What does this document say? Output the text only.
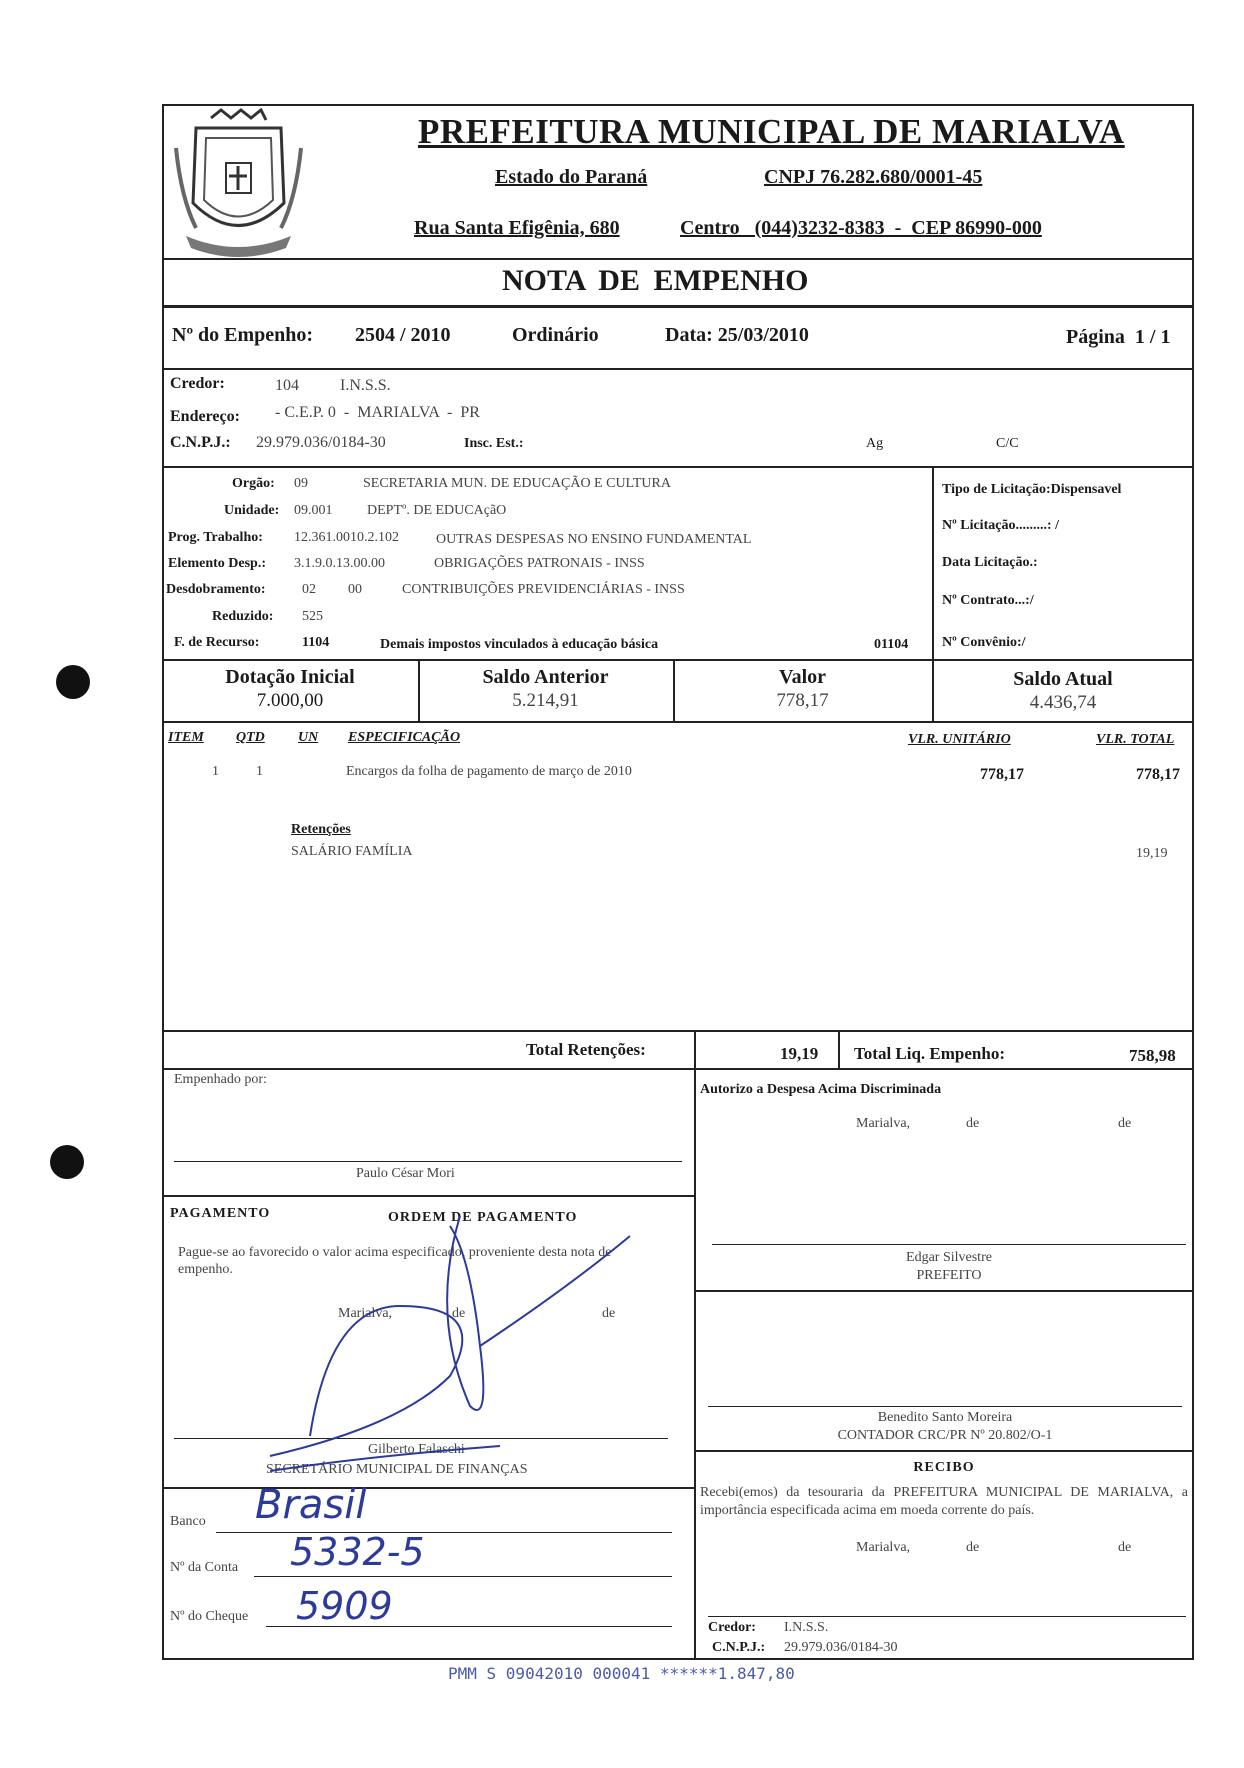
PREFEITURA MUNICIPAL DE MARIALVA
Estado do Paraná	CNPJ 76.282.680/0001-45
Rua Santa Efigênia, 680	Centro   (044)3232-8383  -  CEP 86990-000
NOTA DE EMPENHO
Nº do Empenho: 2504 / 2010	Ordinário	Data: 25/03/2010	Página  1 / 1
Credor:	104	I.N.S.S.
Endereço: - C.E.P. 0  -  MARIALVA  -  PR
C.N.P.J.: 29.979.036/0184-30	Insc. Est.:	Ag	C/C
Orgão: 09	SECRETARIA MUN. DE EDUCAÇÃO E CULTURA
Unidade: 09.001 DEPTº. DE EDUCAçãO
Prog. Trabalho: 12.361.0010.2.102	OUTRAS DESPESAS NO ENSINO FUNDAMENTAL
Elemento Desp.: 3.1.9.0.13.00.00	OBRIGAÇÕES PATRONAIS - INSS
Desdobramento:	02 00	CONTRIBUIÇÕES PREVIDENCIÁRIAS - INSS
Reduzido: 525
F. de Recurso:	1104	Demais impostos vinculados à educação básica	01104
Tipo de Licitação:Dispensavel
Nº Licitação.........: /
Data Licitação.:
Nº Contrato...:/
Nº Convênio:/
Dotação Inicial
7.000,00
Saldo Anterior
5.214,91
Valor
778,17
Saldo Atual
4.436,74
ITEM QTD UN ESPECIFICAÇÃO	VLR. UNITÁRIO	VLR. TOTAL
1	1	Encargos da folha de pagamento de março de 2010	778,17	778,17
Retenções
SALÁRIO FAMÍLIA	19,19
Total Retenções:	19,19 Total Liq. Empenho:	758,98
Empenhado por:
Paulo César Mori
PAGAMENTO	ORDEM DE PAGAMENTO
Pague-se ao favorecido o valor acima especificado, proveniente desta nota de empenho.
Marialva,	de	de
Gilberto Falaschi
SECRETÁRIO MUNICIPAL DE FINANÇAS
Banco Brasil
Nº da Conta 5332-5
Nº do Cheque 5909
Autorizo a Despesa Acima Discriminada
Marialva,	de	de
Edgar Silvestre
PREFEITO
Benedito Santo Moreira
CONTADOR CRC/PR Nº 20.802/O-1
RECIBO
Recebi(emos) da tesouraria da PREFEITURA MUNICIPAL DE MARIALVA, a importância especificada acima em moeda corrente do país.
Marialva,	de	de
Credor: I.N.S.S.
C.N.P.J.: 29.979.036/0184-30
PMM S 09042010 000041 ******1.847,80
